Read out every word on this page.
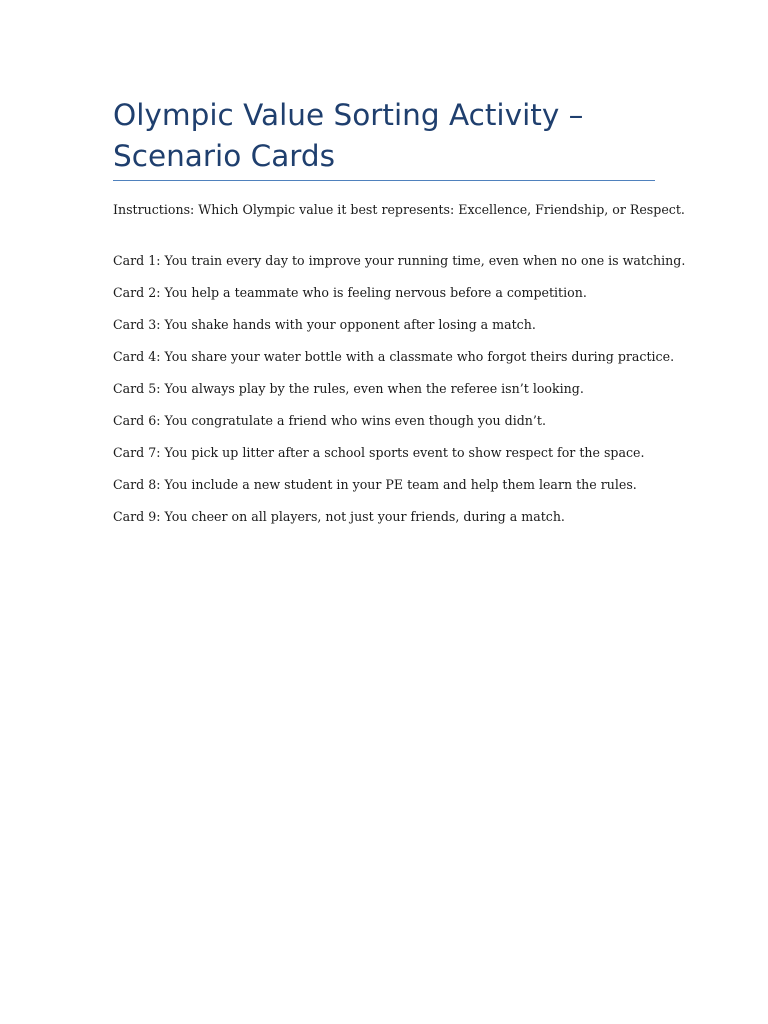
Olympic Value Sorting Activity – Scenario Cards

Instructions: Which Olympic value it best represents: Excellence, Friendship, or Respect.

Card 1: You train every day to improve your running time, even when no one is watching.
Card 2: You help a teammate who is feeling nervous before a competition.
Card 3: You shake hands with your opponent after losing a match.
Card 4: You share your water bottle with a classmate who forgot theirs during practice.
Card 5: You always play by the rules, even when the referee isn’t looking.
Card 6: You congratulate a friend who wins even though you didn’t.
Card 7: You pick up litter after a school sports event to show respect for the space.
Card 8: You include a new student in your PE team and help them learn the rules.
Card 9: You cheer on all players, not just your friends, during a match.
